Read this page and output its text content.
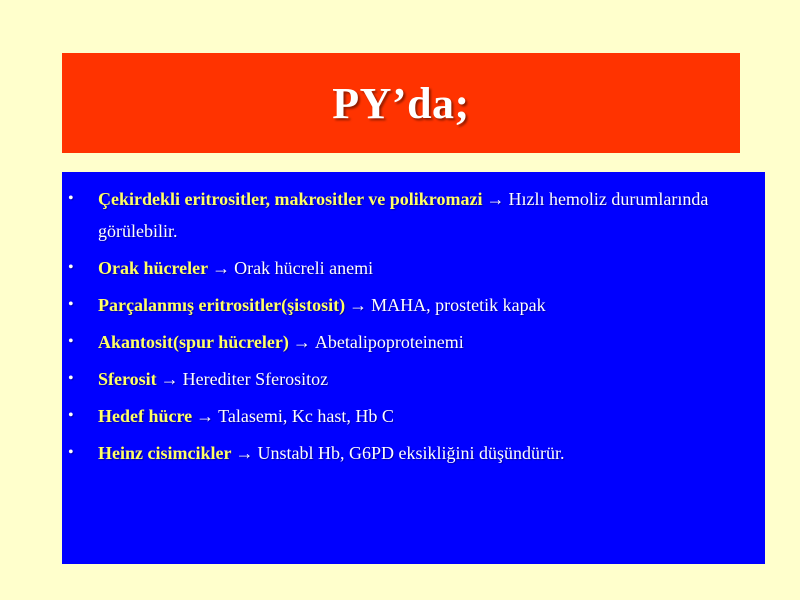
PY’da;
• Çekirdekli eritrositler, makrositler ve polikromazi → Hızlı hemoliz durumlarında görülebilir.
• Orak hücreler → Orak hücreli anemi
• Parçalanmış eritrositler(şistosit) → MAHA, prostetik kapak
• Akantosit(spur hücreler) → Abetalipoproteinemi
• Sferosit → Herediter Sferositoz
• Hedef hücre → Talasemi, Kc hast, Hb C
• Heinz cisimcikler → Unstabl Hb, G6PD eksikliğini düşündürür.
